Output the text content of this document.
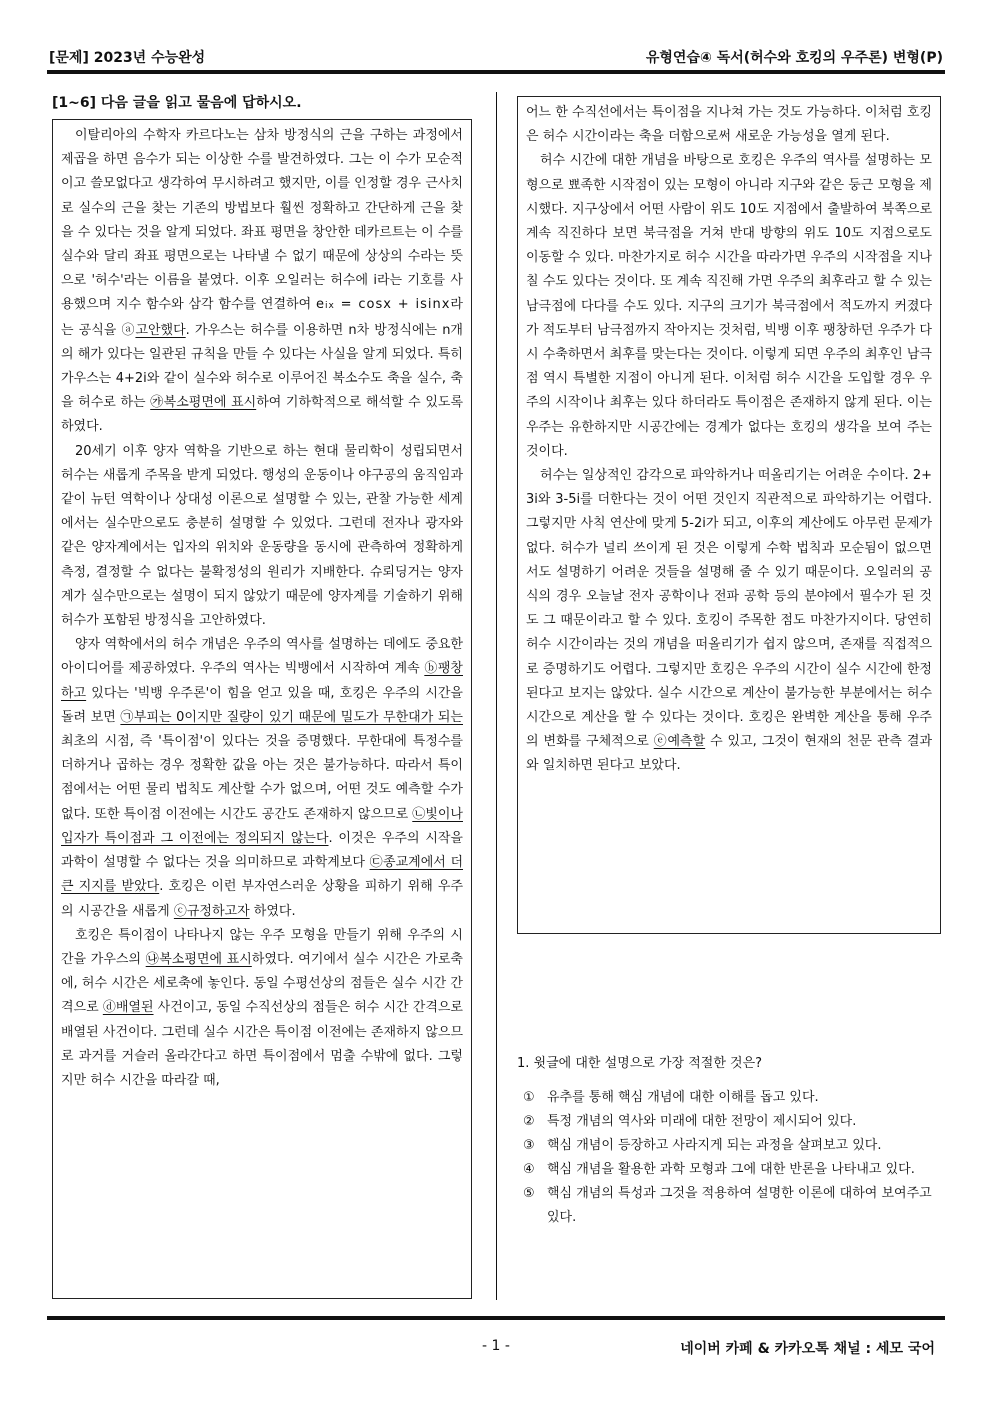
[문제] 2023년 수능완성	유형연습④ 독서(허수와 호킹의 우주론) 변형(P)
[1~6] 다음 글을 읽고 물음에 답하시오.

이탈리아의 수학자 카르다노는 삼차 방정식의 근을 구하는 과정에서 제곱을 하면 음수가 되는 이상한 수를 발견하였다. 그는 이 수가 모순적이고 쓸모없다고 생각하여 무시하려고 했지만, 이를 인정할 경우 근사치로 실수의 근을 찾는 기존의 방법보다 훨씬 정확하고 간단하게 근을 찾을 수 있다는 것을 알게 되었다. 좌표 평면을 창안한 데카르트는 이 수를 실수와 달리 좌표 평면으로는 나타낼 수 없기 때문에 상상의 수라는 뜻으로 '허수'라는 이름을 붙였다. 이후 오일러는 허수에 i라는 기호를 사용했으며 지수 함수와 삼각 함수를 연결하여 eix = cosx + isinx라는 공식을 ⓐ고안했다. 가우스는 허수를 이용하면 n차 방정식에는 n개의 해가 있다는 일관된 규칙을 만들 수 있다는 사실을 알게 되었다. 특히 가우스는 4+2i와 같이 실수와 허수로 이루어진 복소수도 축을 실수, 축을 허수로 하는 ㉮복소평면에 표시하여 기하학적으로 해석할 수 있도록 하였다.

20세기 이후 양자 역학을 기반으로 하는 현대 물리학이 성립되면서 허수는 새롭게 주목을 받게 되었다. 행성의 운동이나 야구공의 움직임과 같이 뉴턴 역학이나 상대성 이론으로 설명할 수 있는, 관찰 가능한 세계에서는 실수만으로도 충분히 설명할 수 있었다. 그런데 전자나 광자와 같은 양자계에서는 입자의 위치와 운동량을 동시에 관측하여 정확하게 측정, 결정할 수 없다는 불확정성의 원리가 지배한다. 슈뢰딩거는 양자계가 실수만으로는 설명이 되지 않았기 때문에 양자계를 기술하기 위해 허수가 포함된 방정식을 고안하였다.

양자 역학에서의 허수 개념은 우주의 역사를 설명하는 데에도 중요한 아이디어를 제공하였다. 우주의 역사는 빅뱅에서 시작하여 계속 ⓑ팽창하고 있다는 '빅뱅 우주론'이 힘을 얻고 있을 때, 호킹은 우주의 시간을 돌려 보면 ㉠부피는 0이지만 질량이 있기 때문에 밀도가 무한대가 되는 최초의 시점, 즉 '특이점'이 있다는 것을 증명했다. 무한대에 특정수를 더하거나 곱하는 경우 정확한 값을 아는 것은 불가능하다. 따라서 특이점에서는 어떤 물리 법칙도 계산할 수가 없으며, 어떤 것도 예측할 수가 없다. 또한 특이점 이전에는 시간도 공간도 존재하지 않으므로 ㉡빛이나 입자가 특이점과 그 이전에는 정의되지 않는다. 이것은 우주의 시작을 과학이 설명할 수 없다는 것을 의미하므로 과학계보다 ㉢종교계에서 더 큰 지지를 받았다. 호킹은 이런 부자연스러운 상황을 피하기 위해 우주의 시공간을 새롭게 ⓒ규정하고자 하였다.

호킹은 특이점이 나타나지 않는 우주 모형을 만들기 위해 우주의 시간을 가우스의 ㉯복소평면에 표시하였다. 여기에서 실수 시간은 가로축에, 허수 시간은 세로축에 놓인다. 동일 수평선상의 점들은 실수 시간 간격으로 ⓓ배열된 사건이고, 동일 수직선상의 점들은 허수 시간 간격으로 배열된 사건이다. 그런데 실수 시간은 특이점 이전에는 존재하지 않으므로 과거를 거슬러 올라간다고 하면 특이점에서 멈출 수밖에 없다. 그렇지만 허수 시간을 따라갈 때,

어느 한 수직선에서는 특이점을 지나쳐 가는 것도 가능하다. 이처럼 호킹은 허수 시간이라는 축을 더함으로써 새로운 가능성을 열게 된다.

허수 시간에 대한 개념을 바탕으로 호킹은 우주의 역사를 설명하는 모형으로 뾰족한 시작점이 있는 모형이 아니라 지구와 같은 둥근 모형을 제시했다. 지구상에서 어떤 사람이 위도 10도 지점에서 출발하여 북쪽으로 계속 직진하다 보면 북극점을 거쳐 반대 방향의 위도 10도 지점으로도 이동할 수 있다. 마찬가지로 허수 시간을 따라가면 우주의 시작점을 지나칠 수도 있다는 것이다. 또 계속 직진해 가면 우주의 최후라고 할 수 있는 남극점에 다다를 수도 있다. 지구의 크기가 북극점에서 적도까지 커졌다가 적도부터 남극점까지 작아지는 것처럼, 빅뱅 이후 팽창하던 우주가 다시 수축하면서 최후를 맞는다는 것이다. 이렇게 되면 우주의 최후인 남극점 역시 특별한 지점이 아니게 된다. 이처럼 허수 시간을 도입할 경우 우주의 시작이나 최후는 있다 하더라도 특이점은 존재하지 않게 된다. 이는 우주는 유한하지만 시공간에는 경계가 없다는 호킹의 생각을 보여 주는 것이다.

허수는 일상적인 감각으로 파악하거나 떠올리기는 어려운 수이다. 2+3i와 3-5i를 더한다는 것이 어떤 것인지 직관적으로 파악하기는 어렵다. 그렇지만 사칙 연산에 맞게 5-2i가 되고, 이후의 계산에도 아무런 문제가 없다. 허수가 널리 쓰이게 된 것은 이렇게 수학 법칙과 모순됨이 없으면서도 설명하기 어려운 것들을 설명해 줄 수 있기 때문이다. 오일러의 공식의 경우 오늘날 전자 공학이나 전파 공학 등의 분야에서 필수가 된 것도 그 때문이라고 할 수 있다. 호킹이 주목한 점도 마찬가지이다. 당연히 허수 시간이라는 것의 개념을 떠올리기가 쉽지 않으며, 존재를 직접적으로 증명하기도 어렵다. 그렇지만 호킹은 우주의 시간이 실수 시간에 한정된다고 보지는 않았다. 실수 시간으로 계산이 불가능한 부분에서는 허수 시간으로 계산을 할 수 있다는 것이다. 호킹은 완벽한 계산을 통해 우주의 변화를 구체적으로 ⓔ예측할 수 있고, 그것이 현재의 천문 관측 결과와 일치하면 된다고 보았다.

1. 윗글에 대한 설명으로 가장 적절한 것은?
① 유추를 통해 핵심 개념에 대한 이해를 돕고 있다.
② 특정 개념의 역사와 미래에 대한 전망이 제시되어 있다.
③ 핵심 개념이 등장하고 사라지게 되는 과정을 살펴보고 있다.
④ 핵심 개념을 활용한 과학 모형과 그에 대한 반론을 나타내고 있다.
⑤ 핵심 개념의 특성과 그것을 적용하여 설명한 이론에 대하여 보여주고 있다.
- 1 -	네이버 카페 & 카카오톡 채널 : 세모 국어
